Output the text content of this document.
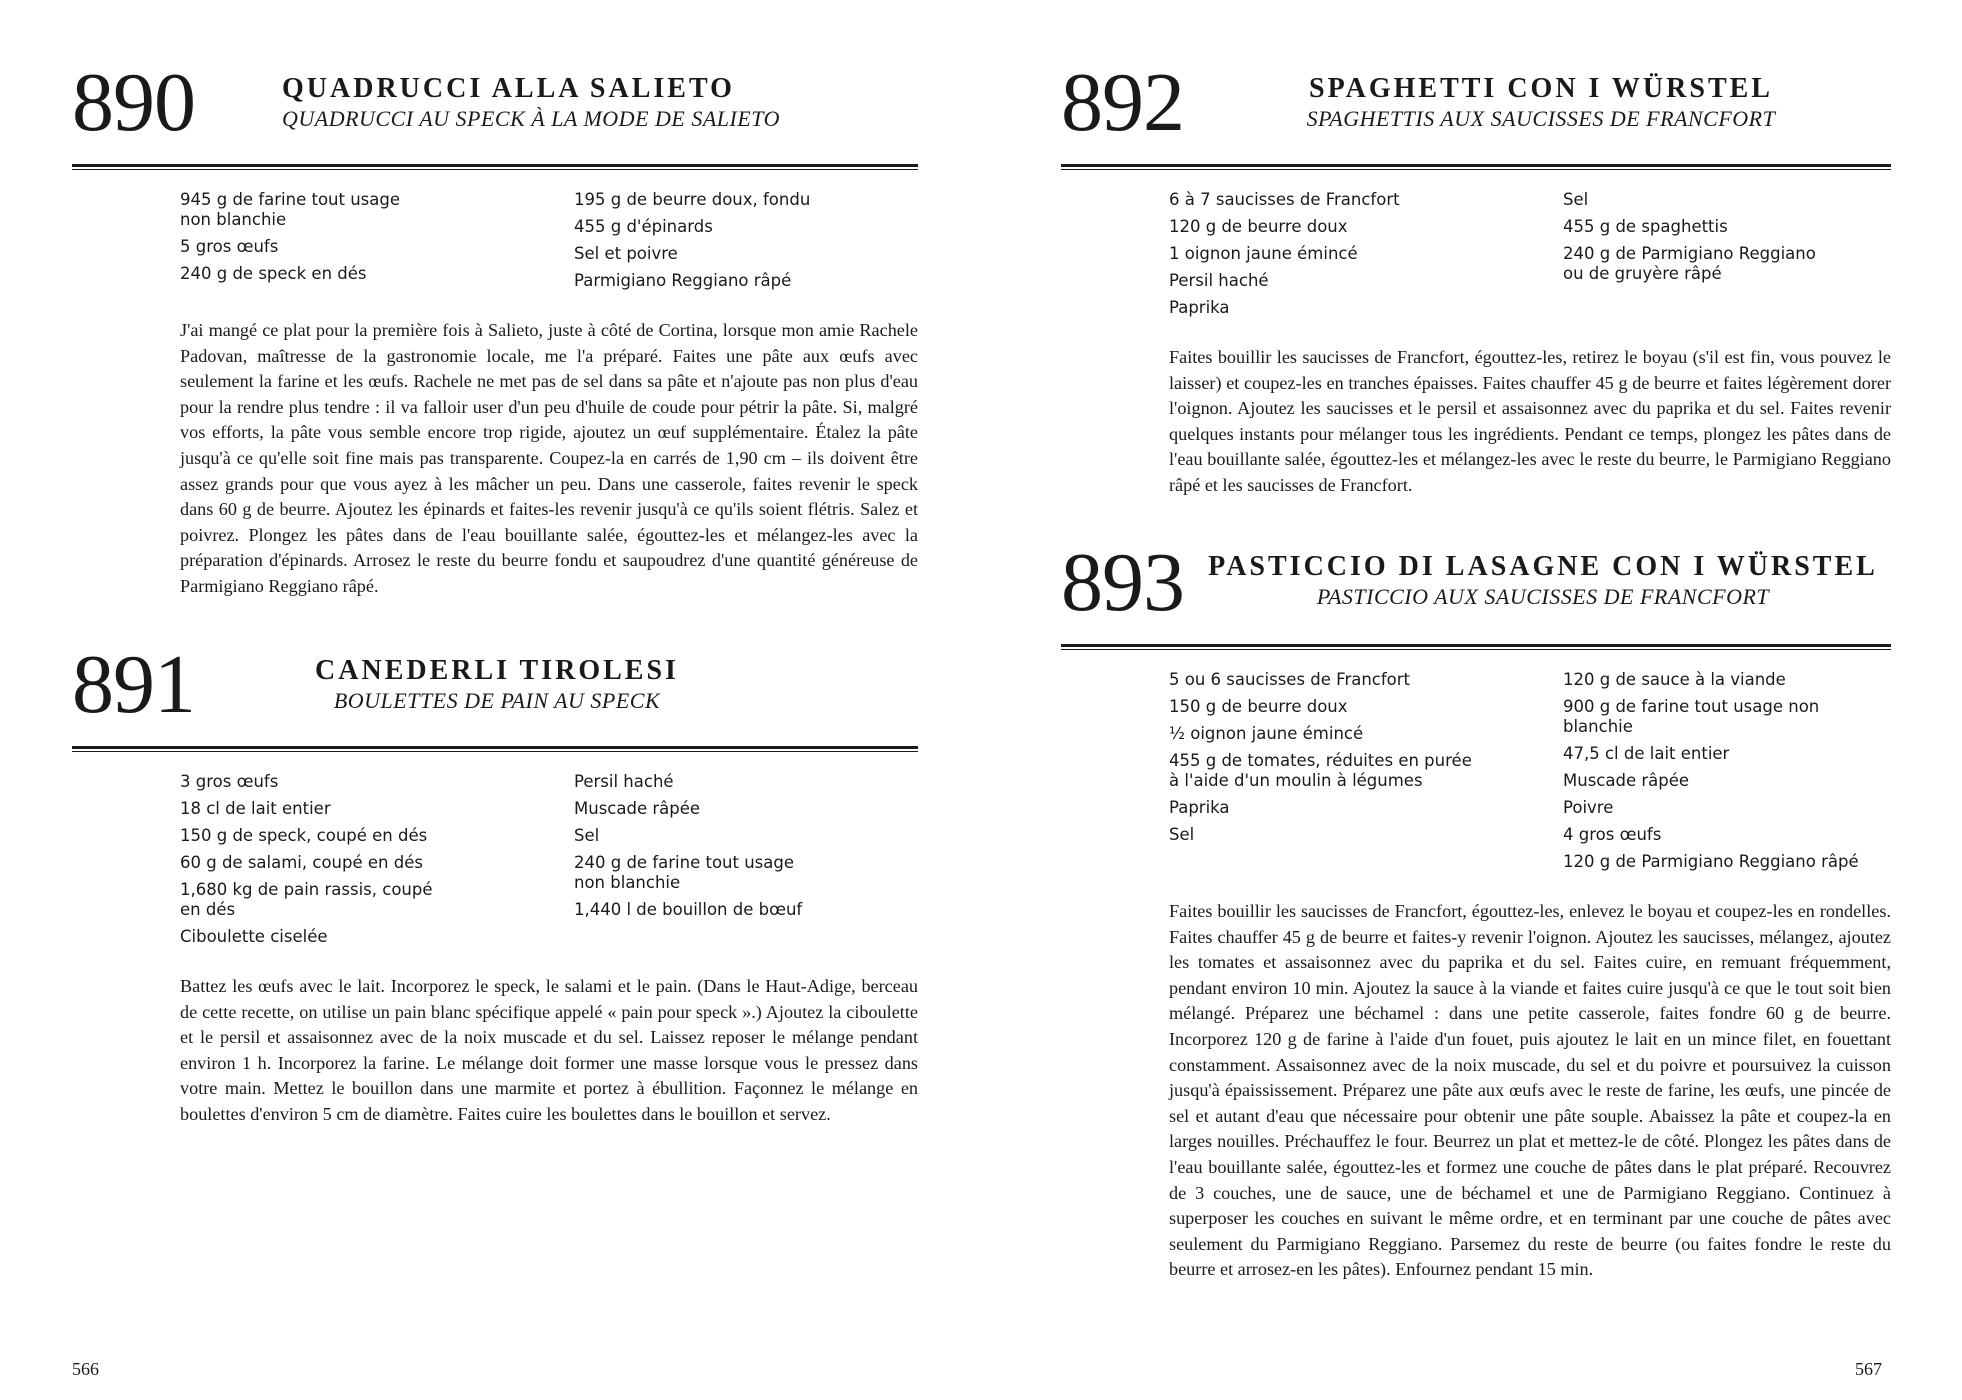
890	QUADRUCCI ALLA SALIETO
QUADRUCCI AU SPECK À LA MODE DE SALIETO
945 g de farine tout usage
non blanchie
5 gros œufs
240 g de speck en dés
195 g de beurre doux, fondu
455 g d'épinards
Sel et poivre
Parmigiano Reggiano râpé
J'ai mangé ce plat pour la première fois à Salieto, juste à côté de Cortina, lorsque mon amie Rachele Padovan, maîtresse de la gastronomie locale, me l'a préparé. Faites une pâte aux œufs avec seulement la farine et les œufs. Rachele ne met pas de sel dans sa pâte et n'ajoute pas non plus d'eau pour la rendre plus tendre : il va falloir user d'un peu d'huile de coude pour pétrir la pâte. Si, malgré vos efforts, la pâte vous semble encore trop rigide, ajoutez un œuf supplémentaire. Étalez la pâte jusqu'à ce qu'elle soit fine mais pas transparente. Coupez-la en carrés de 1,90 cm – ils doivent être assez grands pour que vous ayez à les mâcher un peu. Dans une casserole, faites revenir le speck dans 60 g de beurre. Ajoutez les épinards et faites-les revenir jusqu'à ce qu'ils soient flétris. Salez et poivrez. Plongez les pâtes dans de l'eau bouillante salée, égouttez-les et mélangez-les avec la préparation d'épinards. Arrosez le reste du beurre fondu et saupoudrez d'une quantité généreuse de Parmigiano Reggiano râpé.
891	CANEDERLI TIROLESI
BOULETTES DE PAIN AU SPECK
3 gros œufs
18 cl de lait entier
150 g de speck, coupé en dés
60 g de salami, coupé en dés
1,680 kg de pain rassis, coupé
en dés
Ciboulette ciselée
Persil haché
Muscade râpée
Sel
240 g de farine tout usage
non blanchie
1,440 l de bouillon de bœuf
Battez les œufs avec le lait. Incorporez le speck, le salami et le pain. (Dans le Haut-Adige, berceau de cette recette, on utilise un pain blanc spécifique appelé « pain pour speck ».) Ajoutez la ciboulette et le persil et assaisonnez avec de la noix muscade et du sel. Laissez reposer le mélange pendant environ 1 h. Incorporez la farine. Le mélange doit former une masse lorsque vous le pressez dans votre main. Mettez le bouillon dans une marmite et portez à ébullition. Façonnez le mélange en boulettes d'environ 5 cm de diamètre. Faites cuire les boulettes dans le bouillon et servez.
566
892	SPAGHETTI CON I WÜRSTEL
SPAGHETTIS AUX SAUCISSES DE FRANCFORT
6 à 7 saucisses de Francfort
120 g de beurre doux
1 oignon jaune émincé
Persil haché
Paprika
Sel
455 g de spaghettis
240 g de Parmigiano Reggiano
ou de gruyère râpé
Faites bouillir les saucisses de Francfort, égouttez-les, retirez le boyau (s'il est fin, vous pouvez le laisser) et coupez-les en tranches épaisses. Faites chauffer 45 g de beurre et faites légèrement dorer l'oignon. Ajoutez les saucisses et le persil et assaisonnez avec du paprika et du sel. Faites revenir quelques instants pour mélanger tous les ingrédients. Pendant ce temps, plongez les pâtes dans de l'eau bouillante salée, égouttez-les et mélangez-les avec le reste du beurre, le Parmigiano Reggiano râpé et les saucisses de Francfort.
893 PASTICCIO DI LASAGNE CON I WÜRSTEL
PASTICCIO AUX SAUCISSES DE FRANCFORT
5 ou 6 saucisses de Francfort
150 g de beurre doux
½ oignon jaune émincé
455 g de tomates, réduites en purée
à l'aide d'un moulin à légumes
Paprika
Sel
120 g de sauce à la viande
900 g de farine tout usage non blanchie
47,5 cl de lait entier
Muscade râpée
Poivre
4 gros œufs
120 g de Parmigiano Reggiano râpé
Faites bouillir les saucisses de Francfort, égouttez-les, enlevez le boyau et coupez-les en rondelles. Faites chauffer 45 g de beurre et faites-y revenir l'oignon. Ajoutez les saucisses, mélangez, ajoutez les tomates et assaisonnez avec du paprika et du sel. Faites cuire, en remuant fréquemment, pendant environ 10 min. Ajoutez la sauce à la viande et faites cuire jusqu'à ce que le tout soit bien mélangé. Préparez une béchamel : dans une petite casserole, faites fondre 60 g de beurre. Incorporez 120 g de farine à l'aide d'un fouet, puis ajoutez le lait en un mince filet, en fouettant constamment. Assaisonnez avec de la noix muscade, du sel et du poivre et poursuivez la cuisson jusqu'à épaississement. Préparez une pâte aux œufs avec le reste de farine, les œufs, une pincée de sel et autant d'eau que nécessaire pour obtenir une pâte souple. Abaissez la pâte et coupez-la en larges nouilles. Préchauffez le four. Beurrez un plat et mettez-le de côté. Plongez les pâtes dans de l'eau bouillante salée, égouttez-les et formez une couche de pâtes dans le plat préparé. Recouvrez de 3 couches, une de sauce, une de béchamel et une de Parmigiano Reggiano. Continuez à superposer les couches en suivant le même ordre, et en terminant par une couche de pâtes avec seulement du Parmigiano Reggiano. Parsemez du reste de beurre (ou faites fondre le reste du beurre et arrosez-en les pâtes). Enfournez pendant 15 min.
567
